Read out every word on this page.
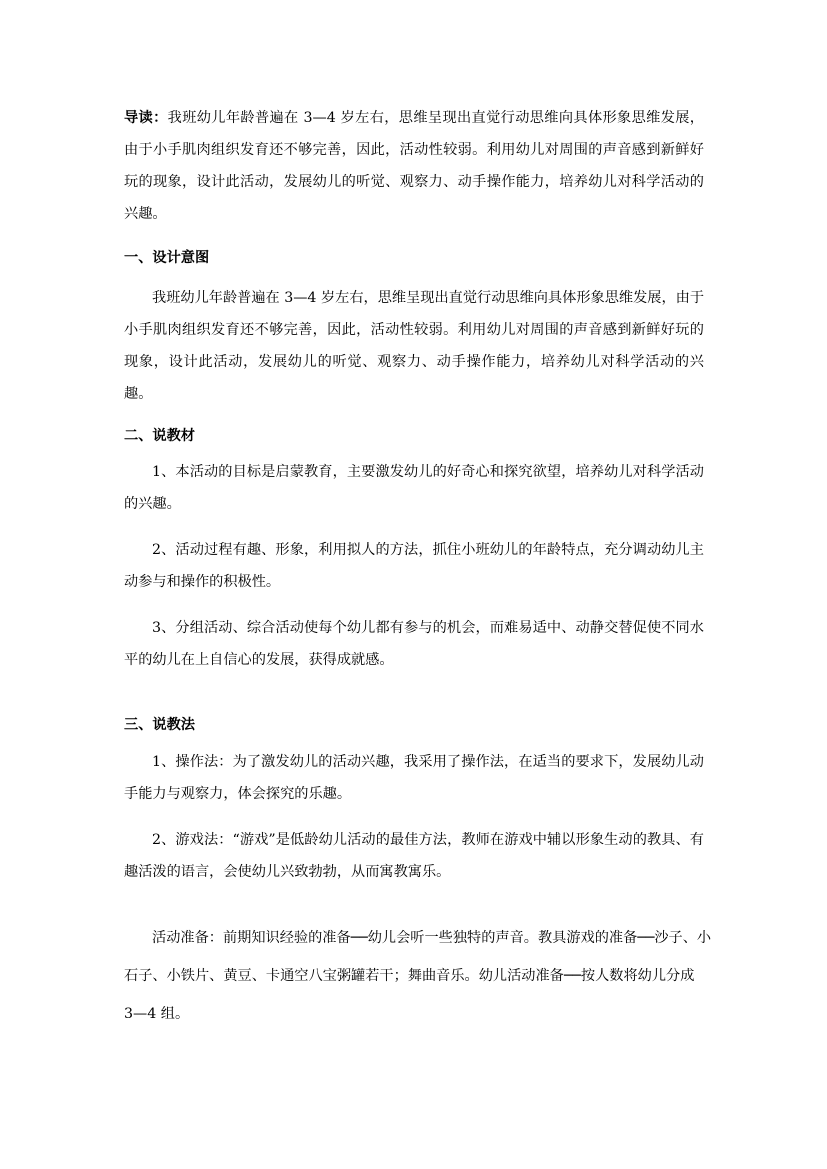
导读：我班幼儿年龄普遍在 3—4 岁左右，思维呈现出直觉行动思维向具体形象思维发展，由于小手肌肉组织发育还不够完善，因此，活动性较弱。利用幼儿对周围的声音感到新鲜好玩的现象，设计此活动，发展幼儿的听觉、观察力、动手操作能力，培养幼儿对科学活动的兴趣。

一、设计意图

我班幼儿年龄普遍在 3—4 岁左右，思维呈现出直觉行动思维向具体形象思维发展，由于小手肌肉组织发育还不够完善，因此，活动性较弱。利用幼儿对周围的声音感到新鲜好玩的现象，设计此活动，发展幼儿的听觉、观察力、动手操作能力，培养幼儿对科学活动的兴趣。

二、说教材

1、本活动的目标是启蒙教育，主要激发幼儿的好奇心和探究欲望，培养幼儿对科学活动的兴趣。

2、活动过程有趣、形象，利用拟人的方法，抓住小班幼儿的年龄特点，充分调动幼儿主动参与和操作的积极性。

3、分组活动、综合活动使每个幼儿都有参与的机会，而难易适中、动静交替促使不同水平的幼儿在上自信心的发展，获得成就感。

三、说教法

1、操作法：为了激发幼儿的活动兴趣，我采用了操作法，在适当的要求下，发展幼儿动手能力与观察力，体会探究的乐趣。

2、游戏法：“游戏”是低龄幼儿活动的最佳方法，教师在游戏中辅以形象生动的教具、有趣活泼的语言，会使幼儿兴致勃勃，从而寓教寓乐。

活动准备：前期知识经验的准备──幼儿会听一些独特的声音。教具游戏的准备──沙子、小

石子、小铁片、黄豆、卡通空八宝粥罐若干；舞曲音乐。幼儿活动准备──按人数将幼儿分成

3—4 组。
